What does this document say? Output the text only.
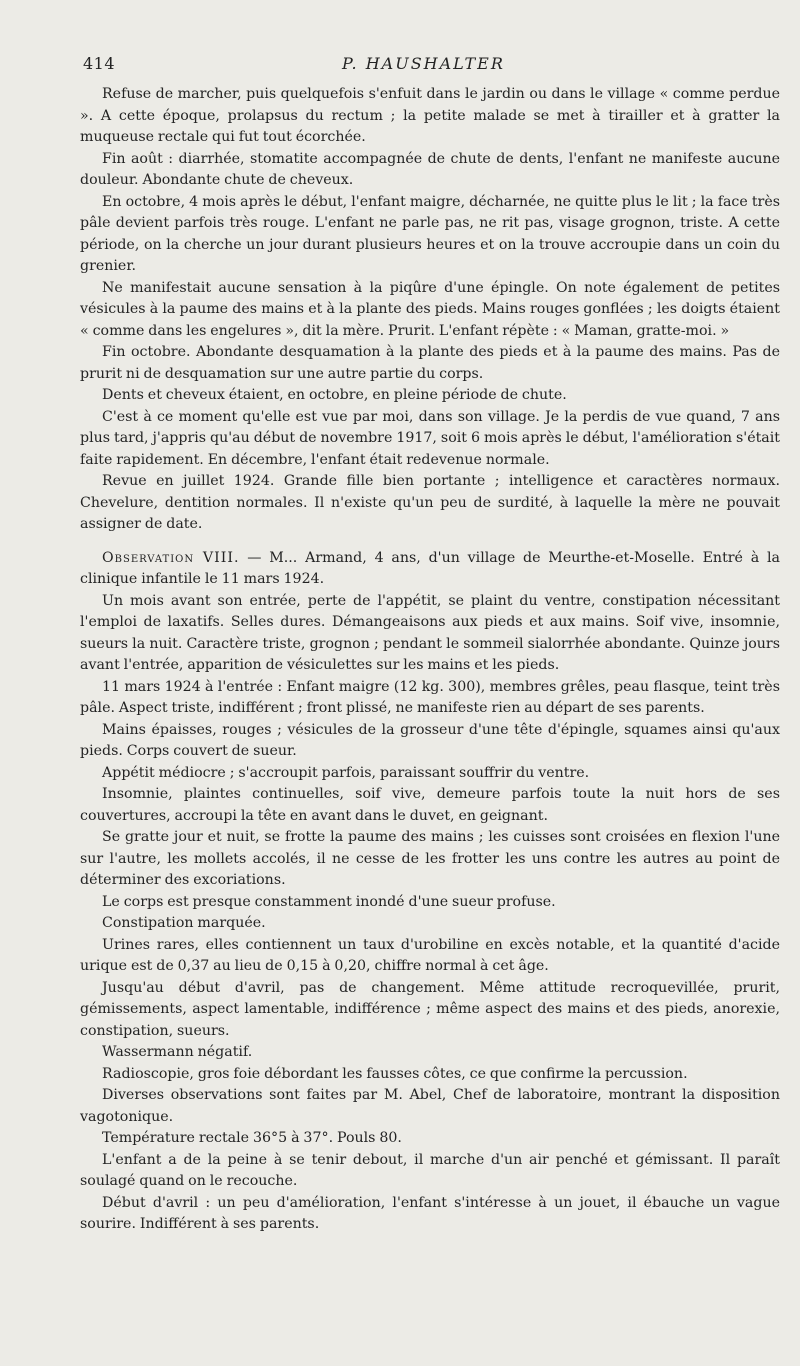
414	P. HAUSHALTER

Refuse de marcher, puis quelquefois s'enfuit dans le jardin ou dans le village « comme perdue ». A cette époque, prolapsus du rectum ; la petite malade se met à tirailler et à gratter la muqueuse rectale qui fut tout écorchée.

Fin août : diarrhée, stomatite accompagnée de chute de dents, l'enfant ne manifeste aucune douleur. Abondante chute de cheveux.

En octobre, 4 mois après le début, l'enfant maigre, décharnée, ne quitte plus le lit ; la face très pâle devient parfois très rouge. L'enfant ne parle pas, ne rit pas, visage grognon, triste. A cette période, on la cherche un jour durant plusieurs heures et on la trouve accroupie dans un coin du grenier.

Ne manifestait aucune sensation à la piqûre d'une épingle. On note également de petites vésicules à la paume des mains et à la plante des pieds. Mains rouges gonflées ; les doigts étaient « comme dans les engelures », dit la mère. Prurit. L'enfant répète : « Maman, gratte-moi. »

Fin octobre. Abondante desquamation à la plante des pieds et à la paume des mains. Pas de prurit ni de desquamation sur une autre partie du corps.

Dents et cheveux étaient, en octobre, en pleine période de chute.

C'est à ce moment qu'elle est vue par moi, dans son village. Je la perdis de vue quand, 7 ans plus tard, j'appris qu'au début de novembre 1917, soit 6 mois après le début, l'amélioration s'était faite rapidement. En décembre, l'enfant était redevenue normale.

Revue en juillet 1924. Grande fille bien portante ; intelligence et caractères normaux. Chevelure, dentition normales. Il n'existe qu'un peu de surdité, à laquelle la mère ne pouvait assigner de date.

Observation VIII. — M... Armand, 4 ans, d'un village de Meurthe-et-Moselle. Entré à la clinique infantile le 11 mars 1924.

Un mois avant son entrée, perte de l'appétit, se plaint du ventre, constipation nécessitant l'emploi de laxatifs. Selles dures. Démangeaisons aux pieds et aux mains. Soif vive, insomnie, sueurs la nuit. Caractère triste, grognon ; pendant le sommeil sialorrhée abondante. Quinze jours avant l'entrée, apparition de vésiculettes sur les mains et les pieds.

11 mars 1924 à l'entrée : Enfant maigre (12 kg. 300), membres grêles, peau flasque, teint très pâle. Aspect triste, indifférent ; front plissé, ne manifeste rien au départ de ses parents.

Mains épaisses, rouges ; vésicules de la grosseur d'une tête d'épingle, squames ainsi qu'aux pieds. Corps couvert de sueur.

Appétit médiocre ; s'accroupit parfois, paraissant souffrir du ventre.

Insomnie, plaintes continuelles, soif vive, demeure parfois toute la nuit hors de ses couvertures, accroupi la tête en avant dans le duvet, en geignant.

Se gratte jour et nuit, se frotte la paume des mains ; les cuisses sont croisées en flexion l'une sur l'autre, les mollets accolés, il ne cesse de les frotter les uns contre les autres au point de déterminer des excoriations.

Le corps est presque constamment inondé d'une sueur profuse.

Constipation marquée.

Urines rares, elles contiennent un taux d'urobiline en excès notable, et la quantité d'acide urique est de 0,37 au lieu de 0,15 à 0,20, chiffre normal à cet âge.

Jusqu'au début d'avril, pas de changement. Même attitude recroquevillée, prurit, gémissements, aspect lamentable, indifférence ; même aspect des mains et des pieds, anorexie, constipation, sueurs.

Wassermann négatif.

Radioscopie, gros foie débordant les fausses côtes, ce que confirme la percussion.

Diverses observations sont faites par M. Abel, Chef de laboratoire, montrant la disposition vagotonique.

Température rectale 36°5 à 37°. Pouls 80.

L'enfant a de la peine à se tenir debout, il marche d'un air penché et gémissant. Il paraît soulagé quand on le recouche.

Début d'avril : un peu d'amélioration, l'enfant s'intéresse à un jouet, il ébauche un vague sourire. Indifférent à ses parents.
